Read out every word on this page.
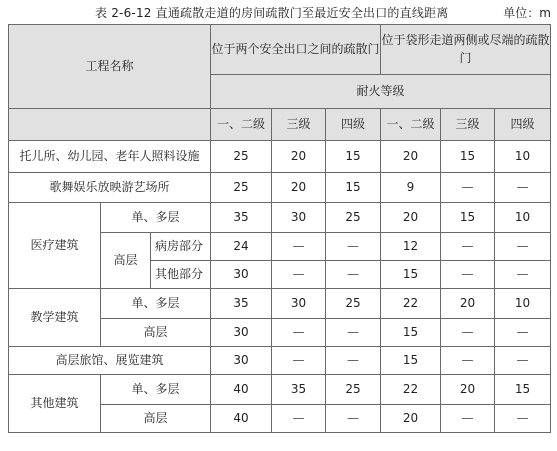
表 2-6-12 直通疏散走道的房间疏散门至最近安全出口的直线距离	单位：m
工程名称			位于两个安全出口之间的疏散门			位于袋形走道两侧或尽端的疏散门		
			耐火等级					
			一、二级	三级	四级	一、二级	三级	四级
托儿所、幼儿园、老年人照料设施			25	20	15	20	15	10
歌舞娱乐放映游艺场所			25	20	15	9	—	—
医疗建筑	单、多层		35	30	25	20	15	10
	高层	病房部分	24	—	—	12	—	—
		其他部分	30	—	—	15	—	—
教学建筑	单、多层		35	30	25	22	20	10
	高层		30	—	—	15	—	—
高层旅馆、展览建筑			30	—	—	15	—	—
其他建筑	单、多层		40	35	25	22	20	15
	高层		40	—	—	20	—	—
